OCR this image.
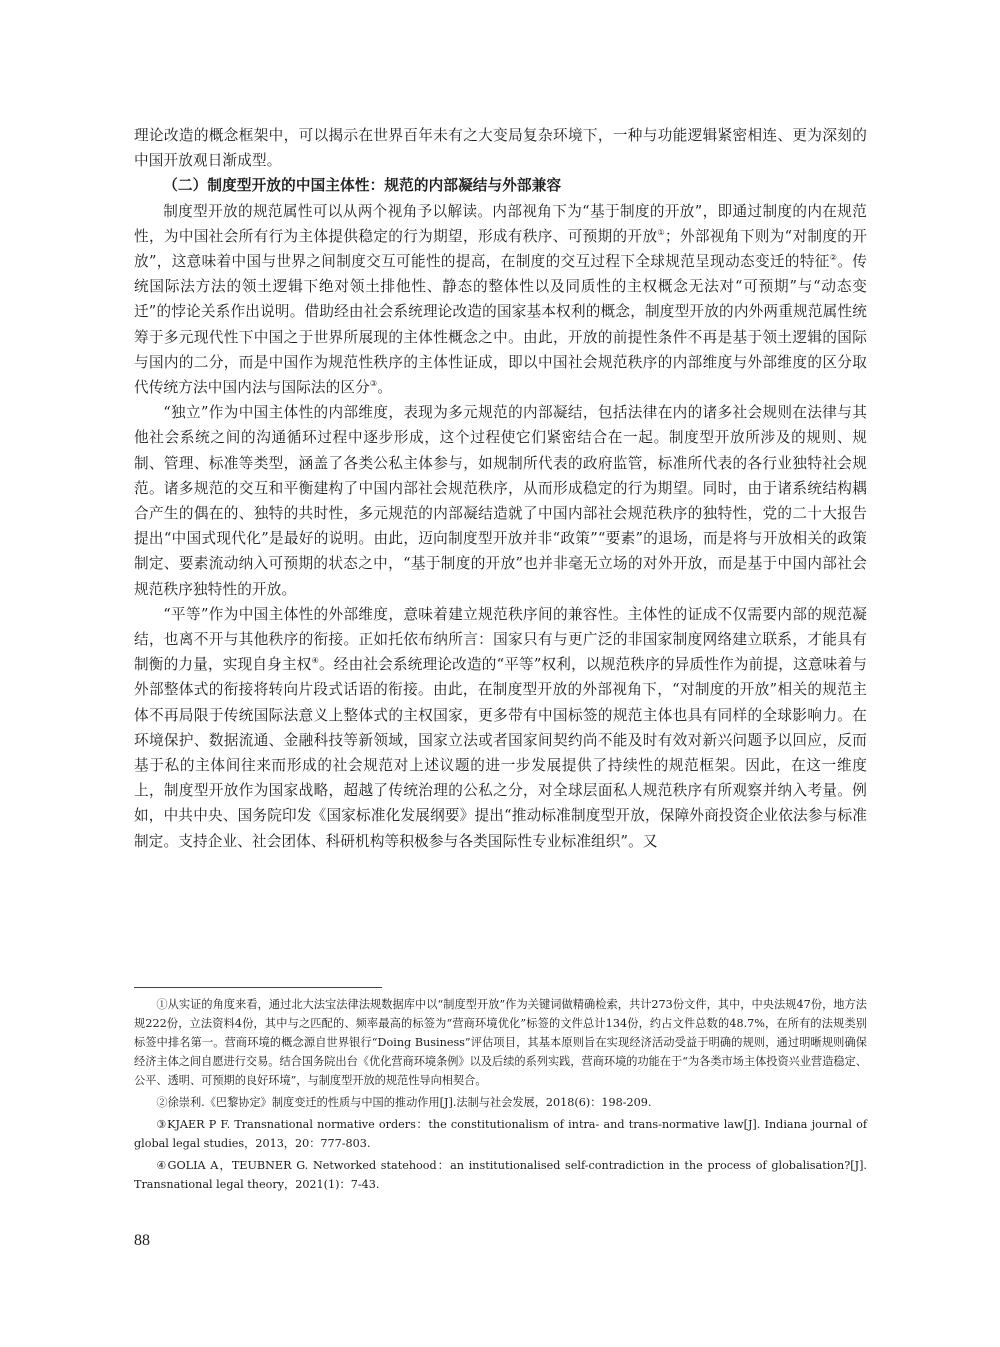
理论改造的概念框架中，可以揭示在世界百年未有之大变局复杂环境下，一种与功能逻辑紧密相连、更为深刻的中国开放观日渐成型。

（二）制度型开放的中国主体性：规范的内部凝结与外部兼容

制度型开放的规范属性可以从两个视角予以解读。内部视角下为“基于制度的开放”，即通过制度的内在规范性，为中国社会所有行为主体提供稳定的行为期望，形成有秩序、可预期的开放①；外部视角下则为“对制度的开放”，这意味着中国与世界之间制度交互可能性的提高，在制度的交互过程下全球规范呈现动态变迁的特征②。传统国际法方法的领土逻辑下绝对领土排他性、静态的整体性以及同质性的主权概念无法对“可预期”与“动态变迁”的悖论关系作出说明。借助经由社会系统理论改造的国家基本权利的概念，制度型开放的内外两重规范属性统筹于多元现代性下中国之于世界所展现的主体性概念之中。由此，开放的前提性条件不再是基于领土逻辑的国际与国内的二分，而是中国作为规范性秩序的主体性证成，即以中国社会规范秩序的内部维度与外部维度的区分取代传统方法中国内法与国际法的区分③。

“独立”作为中国主体性的内部维度，表现为多元规范的内部凝结，包括法律在内的诸多社会规则在法律与其他社会系统之间的沟通循环过程中逐步形成，这个过程使它们紧密结合在一起。制度型开放所涉及的规则、规制、管理、标准等类型，涵盖了各类公私主体参与，如规制所代表的政府监管，标准所代表的各行业独特社会规范。诸多规范的交互和平衡建构了中国内部社会规范秩序，从而形成稳定的行为期望。同时，由于诸系统结构耦合产生的偶在的、独特的共时性，多元规范的内部凝结造就了中国内部社会规范秩序的独特性，党的二十大报告提出“中国式现代化”是最好的说明。由此，迈向制度型开放并非“政策”“要素”的退场，而是将与开放相关的政策制定、要素流动纳入可预期的状态之中，“基于制度的开放”也并非毫无立场的对外开放，而是基于中国内部社会规范秩序独特性的开放。

“平等”作为中国主体性的外部维度，意味着建立规范秩序间的兼容性。主体性的证成不仅需要内部的规范凝结，也离不开与其他秩序的衔接。正如托依布纳所言：国家只有与更广泛的非国家制度网络建立联系，才能具有制衡的力量，实现自身主权④。经由社会系统理论改造的“平等”权利，以规范秩序的异质性作为前提，这意味着与外部整体式的衔接将转向片段式话语的衔接。由此，在制度型开放的外部视角下，“对制度的开放”相关的规范主体不再局限于传统国际法意义上整体式的主权国家，更多带有中国标签的规范主体也具有同样的全球影响力。在环境保护、数据流通、金融科技等新领域，国家立法或者国家间契约尚不能及时有效对新兴问题予以回应，反而基于私的主体间往来而形成的社会规范对上述议题的进一步发展提供了持续性的规范框架。因此，在这一维度上，制度型开放作为国家战略，超越了传统治理的公私之分，对全球层面私人规范秩序有所观察并纳入考量。例如，中共中央、国务院印发《国家标准化发展纲要》提出“推动标准制度型开放，保障外商投资企业依法参与标准制定。支持企业、社会团体、科研机构等积极参与各类国际性专业标准组织”。又

①从实证的角度来看，通过北大法宝法律法规数据库中以“制度型开放”作为关键词做精确检索，共计273份文件，其中，中央法规47份，地方法规222份，立法资料4份，其中与之匹配的、频率最高的标签为“营商环境优化”标签的文件总计134份，约占文件总数的48.7%，在所有的法规类别标签中排名第一。营商环境的概念源自世界银行“Doing Business”评估项目，其基本原则旨在实现经济活动受益于明确的规则，通过明晰规则确保经济主体之间自愿进行交易。结合国务院出台《优化营商环境条例》以及后续的系列实践，营商环境的功能在于“为各类市场主体投资兴业营造稳定、公平、透明、可预期的良好环境”，与制度型开放的规范性导向相契合。

②徐崇利.《巴黎协定》制度变迁的性质与中国的推动作用[J].法制与社会发展，2018(6)：198-209.

③KJAER P F. Transnational normative orders：the constitutionalism of intra- and trans-normative law[J]. Indiana journal of global legal studies，2013，20：777-803.

④GOLIA A，TEUBNER G. Networked statehood：an institutionalised self-contradiction in the process of globalisation?[J]. Transnational legal theory，2021(1)：7-43.

88
